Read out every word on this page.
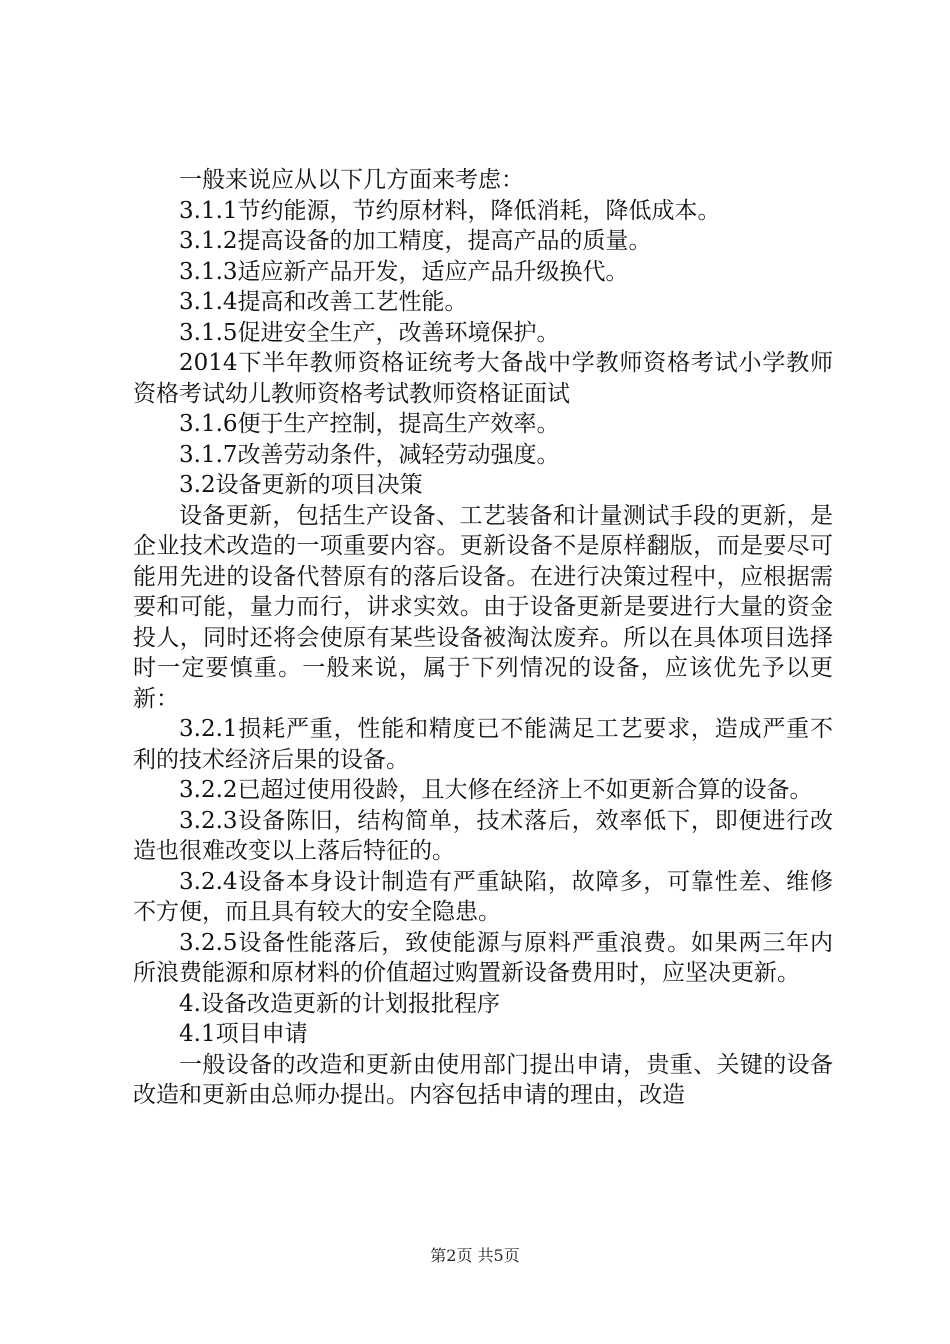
一般来说应从以下几方面来考虑：

3.1.1节约能源，节约原材料，降低消耗，降低成本。

3.1.2提高设备的加工精度，提高产品的质量。

3.1.3适应新产品开发，适应产品升级换代。

3.1.4提高和改善工艺性能。

3.1.5促进安全生产，改善环境保护。

2014下半年教师资格证统考大备战中学教师资格考试小学教师资格考试幼儿教师资格考试教师资格证面试

3.1.6便于生产控制，提高生产效率。

3.1.7改善劳动条件，减轻劳动强度。

3.2设备更新的项目决策

设备更新，包括生产设备、工艺装备和计量测试手段的更新，是企业技术改造的一项重要内容。更新设备不是原样翻版，而是要尽可能用先进的设备代替原有的落后设备。在进行决策过程中，应根据需要和可能，量力而行，讲求实效。由于设备更新是要进行大量的资金投人，同时还将会使原有某些设备被淘汰废弃。所以在具体项目选择时一定要慎重。一般来说，属于下列情况的设备，应该优先予以更新：

3.2.1损耗严重，性能和精度已不能满足工艺要求，造成严重不利的技术经济后果的设备。

3.2.2已超过使用役龄，且大修在经济上不如更新合算的设备。

3.2.3设备陈旧，结构简单，技术落后，效率低下，即便进行改造也很难改变以上落后特征的。

3.2.4设备本身设计制造有严重缺陷，故障多，可靠性差、维修不方便，而且具有较大的安全隐患。

3.2.5设备性能落后，致使能源与原料严重浪费。如果两三年内所浪费能源和原材料的价值超过购置新设备费用时，应坚决更新。

4.设备改造更新的计划报批程序

4.1项目申请

一般设备的改造和更新由使用部门提出申请，贵重、关键的设备改造和更新由总师办提出。内容包括申请的理由，改造

第2页 共5页
